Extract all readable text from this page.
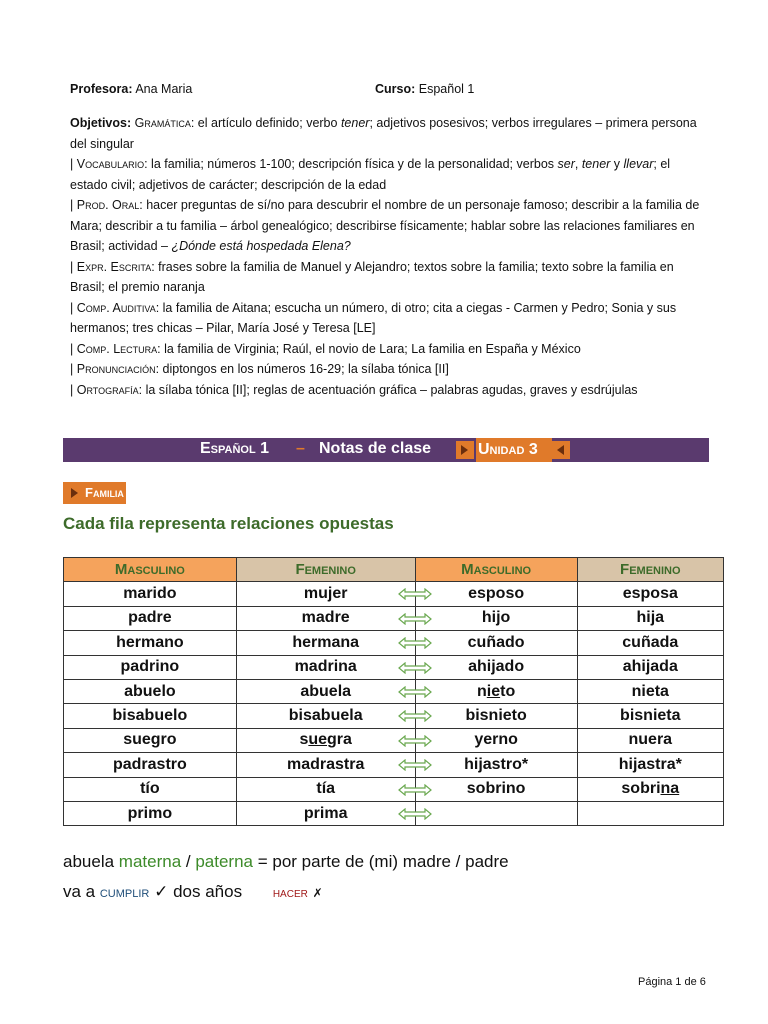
Profesora: Ana Maria	Curso: Español 1

Objetivos: Gramática: el artículo definido; verbo tener; adjetivos posesivos; verbos irregulares – primera persona del singular

| Vocabulario: la familia; números 1-100; descripción física y de la personalidad; verbos ser, tener y llevar; el estado civil; adjetivos de carácter; descripción de la edad

| Prod. Oral: hacer preguntas de sí/no para descubrir el nombre de un personaje famoso; describir a la familia de Mara; describir a tu familia – árbol genealógico; describirse físicamente; hablar sobre las relaciones familiares en Brasil; actividad – ¿Dónde está hospedada Elena?

| Expr. Escrita: frases sobre la familia de Manuel y Alejandro; textos sobre la familia; texto sobre la familia en Brasil; el premio naranja

| Comp. Auditiva: la familia de Aitana; escucha un número, di otro; cita a ciegas - Carmen y Pedro; Sonia y sus hermanos; tres chicas – Pilar, María José y Teresa [LE]

| Comp. Lectura: la familia de Virginia; Raúl, el novio de Lara; La familia en España y México

| Pronunciación: diptongos en los números 16-29; la sílaba tónica [II]

| Ortografía: la sílaba tónica [II]; reglas de acentuación gráfica – palabras agudas, graves y esdrújulas

Español 1 – Notas de clase	Unidad 3
Familia
Cada fila representa relaciones opuestas
Masculino	Femenino	Masculino	Femenino
marido	mujer	esposo	esposa
padre	madre	hijo	hija
hermano	hermana	cuñado	cuñada
padrino	madrina	ahijado	ahijada
abuelo	abuela	nieto	nieta
bisabuelo	bisabuela	bisnieto	bisnieta
suegro	suegra	yerno	nuera
padrastro	madrastra	hijastro*	hijastra*
tío	tía	sobrino	sobrina
primo	prima	

abuela materna / paterna = por parte de (mi) madre / padre
va a cumplir ✓ dos años hacer ✗
Página 1 de 6
